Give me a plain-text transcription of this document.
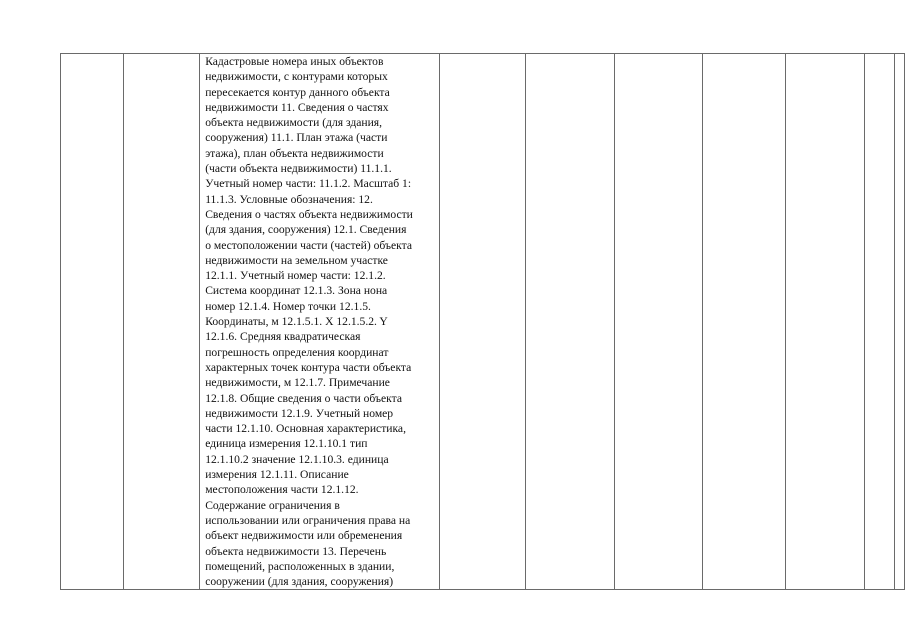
Кадастровые номера иных объектов
недвижимости, с контурами которых
пересекается контур данного объекта
недвижимости 11. Сведения о частях
объекта недвижимости (для здания,
сооружения) 11.1. План этажа (части
этажа), план объекта недвижимости
(части объекта недвижимости) 11.1.1.
Учетный номер части: 11.1.2. Масштаб 1:
11.1.3. Условные обозначения: 12.
Сведения о частях объекта недвижимости
(для здания, сооружения) 12.1. Сведения
о местоположении части (частей) объекта
недвижимости на земельном участке
12.1.1. Учетный номер части: 12.1.2.
Система координат 12.1.3. Зона нона
номер 12.1.4. Номер точки 12.1.5.
Координаты, м 12.1.5.1. X 12.1.5.2. Y
12.1.6. Средняя квадратическая
погрешность определения координат
характерных точек контура части объекта
недвижимости, м 12.1.7. Примечание
12.1.8. Общие сведения о части объекта
недвижимости 12.1.9. Учетный номер
части 12.1.10. Основная характеристика,
единица измерения 12.1.10.1 тип
12.1.10.2 значение 12.1.10.3. единица
измерения 12.1.11. Описание
местоположения части 12.1.12.
Содержание ограничения в
использовании или ограничения права на
объект недвижимости или обременения
объекта недвижимости 13. Перечень
помещений, расположенных в здании,
сооружении (для здания, сооружения)
